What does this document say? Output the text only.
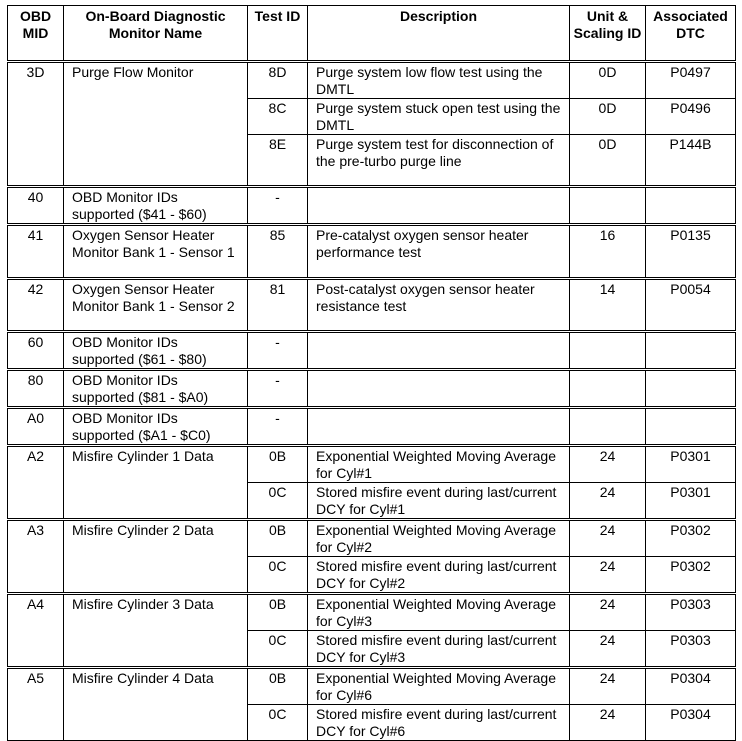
OBD MID	On-Board Diagnostic Monitor Name	Test ID	Description	Unit & Scaling ID	Associated DTC
3D	Purge Flow Monitor	8D	Purge system low flow test using the DMTL	0D	P0497
		8C	Purge system stuck open test using the DMTL	0D	P0496
		8E	Purge system test for disconnection of the pre-turbo purge line	0D	P144B
40	OBD Monitor IDs supported ($41 - $60)	-			
41	Oxygen Sensor Heater Monitor Bank 1 - Sensor 1	85	Pre-catalyst oxygen sensor heater performance test	16	P0135
42	Oxygen Sensor Heater Monitor Bank 1 - Sensor 2	81	Post-catalyst oxygen sensor heater resistance test	14	P0054
60	OBD Monitor IDs supported ($61 - $80)	-			
80	OBD Monitor IDs supported ($81 - $A0)	-			
A0	OBD Monitor IDs supported ($A1 - $C0)	-			
A2	Misfire Cylinder 1 Data	0B	Exponential Weighted Moving Average for Cyl#1	24	P0301
		0C	Stored misfire event during last/current DCY for Cyl#1	24	P0301
A3	Misfire Cylinder 2 Data	0B	Exponential Weighted Moving Average for Cyl#2	24	P0302
		0C	Stored misfire event during last/current DCY for Cyl#2	24	P0302
A4	Misfire Cylinder 3 Data	0B	Exponential Weighted Moving Average for Cyl#3	24	P0303
		0C	Stored misfire event during last/current DCY for Cyl#3	24	P0303
A5	Misfire Cylinder 4 Data	0B	Exponential Weighted Moving Average for Cyl#6	24	P0304
		0C	Stored misfire event during last/current DCY for Cyl#6	24	P0304
